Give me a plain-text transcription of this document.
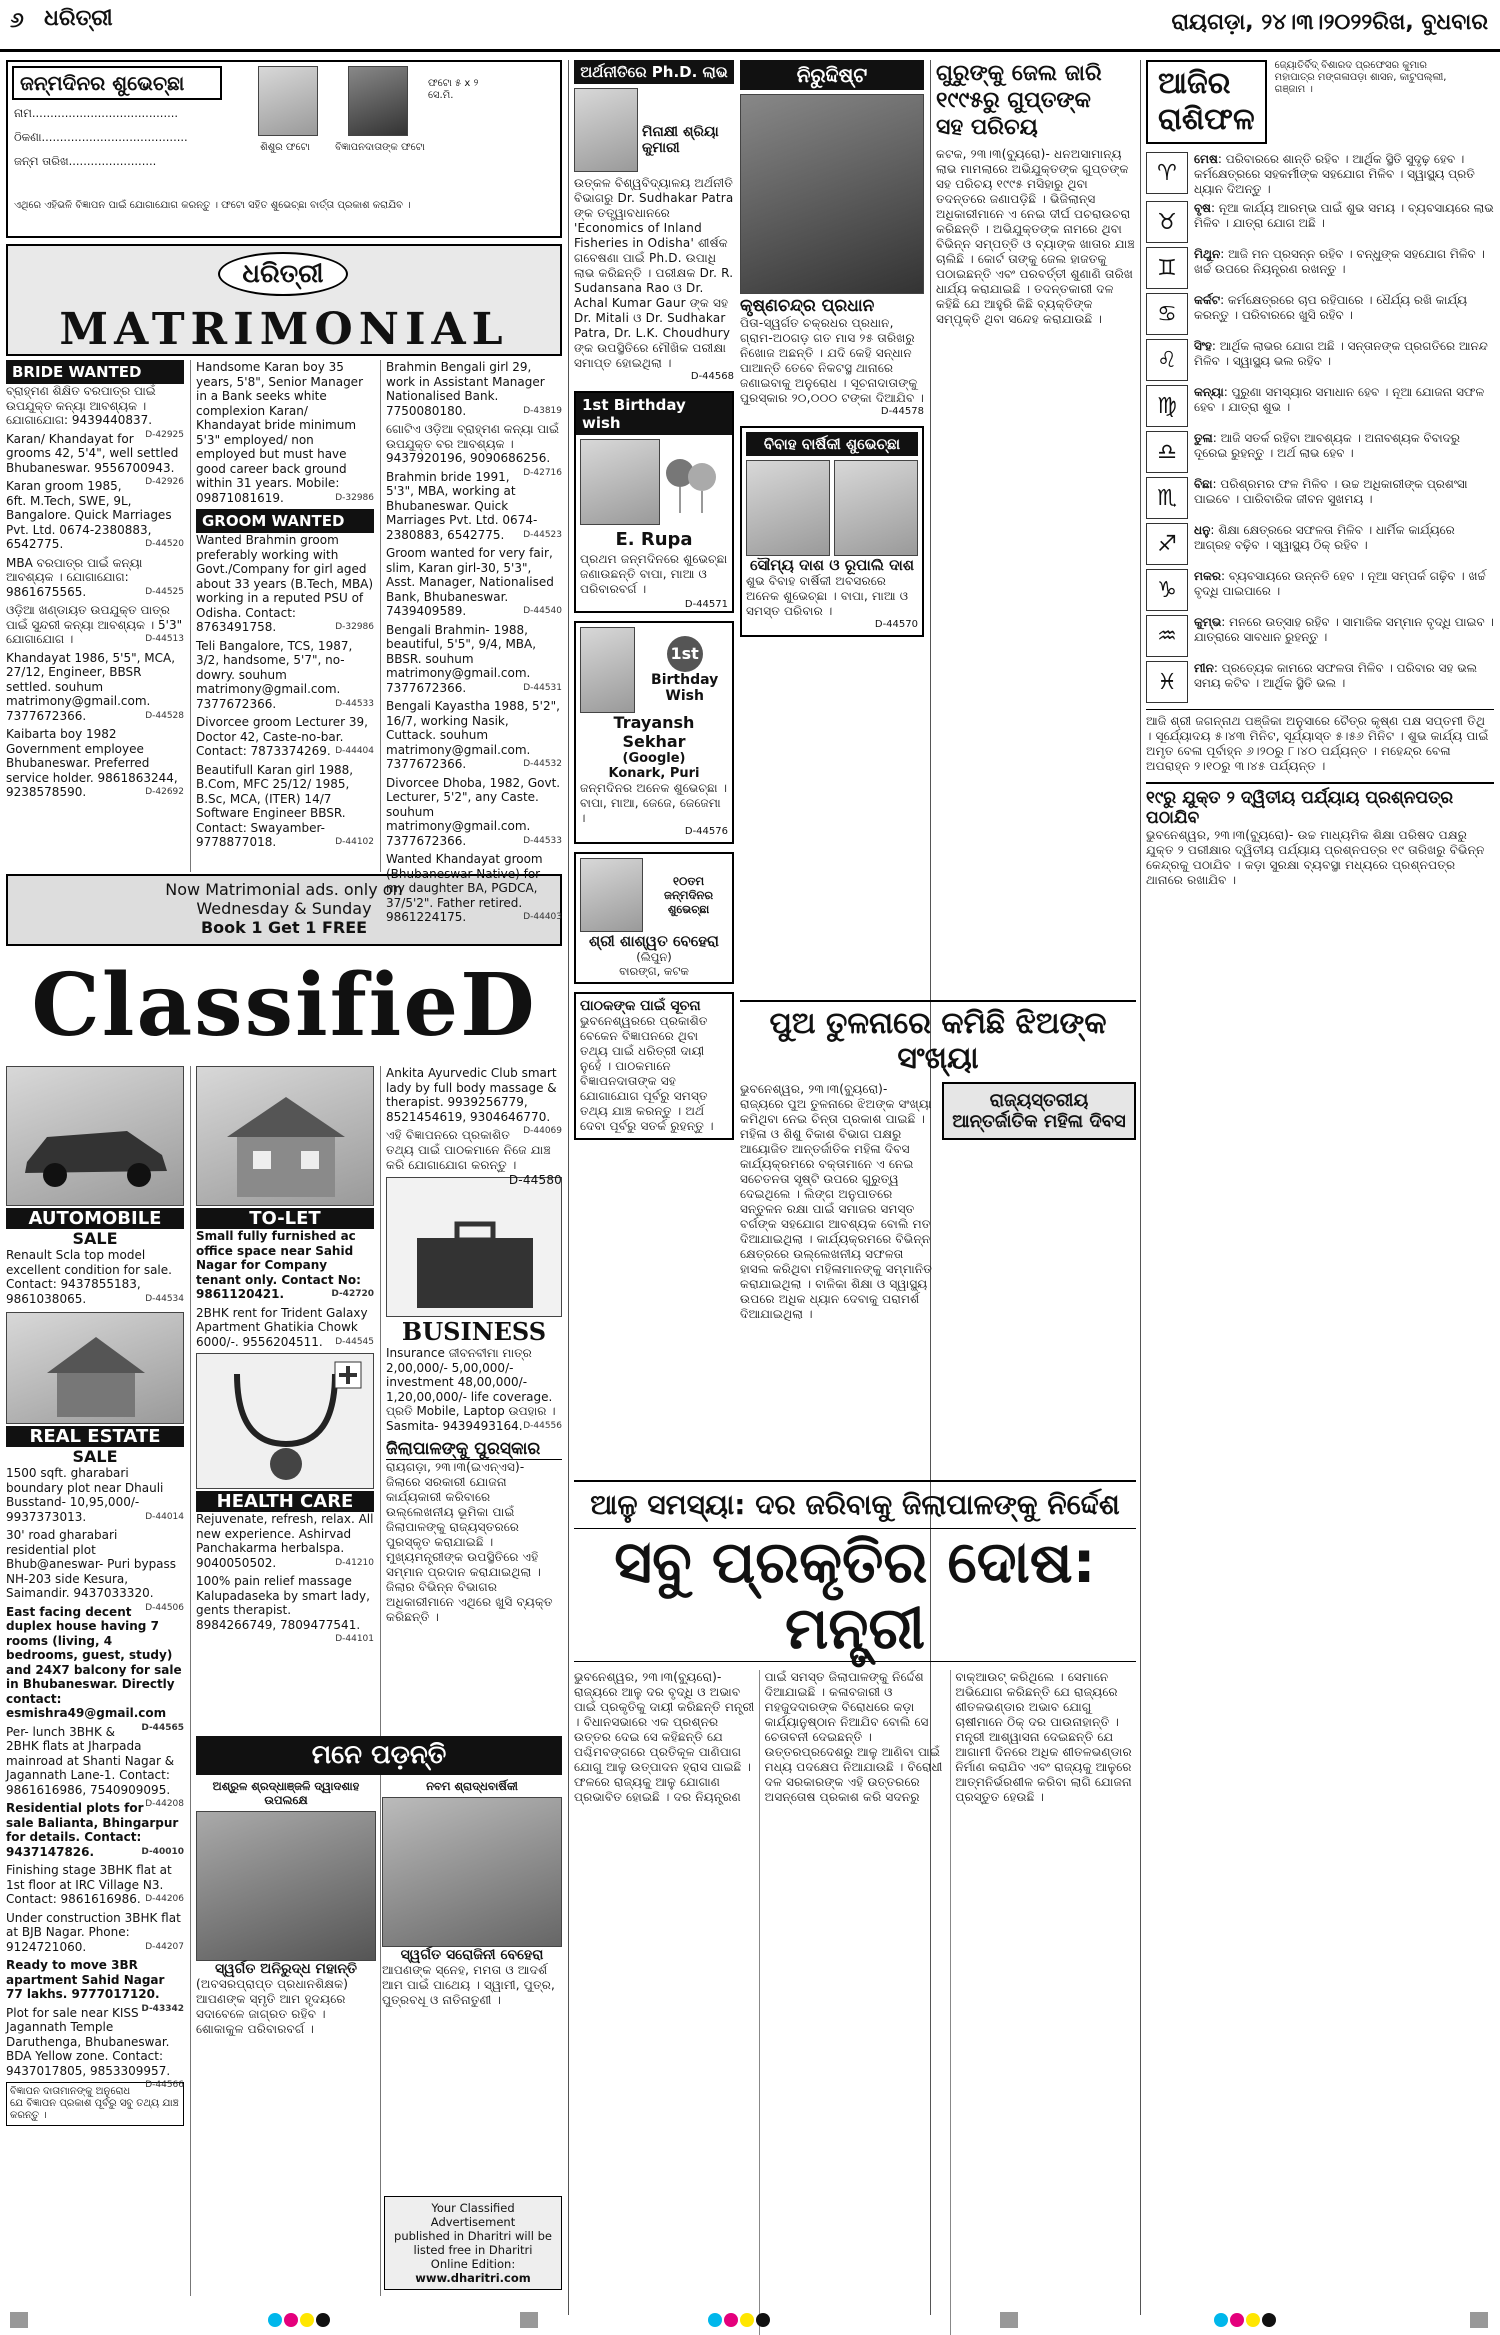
୬ ଧରିତ୍ରୀ	ରାୟଗଡ଼ା, ୨୪।୩।୨୦୨୨ରିଖ, ବୁଧବାର
ଜନ୍ମଦିନର ଶୁଭେଚ୍ଛା	ଫଟୋ ୫ x ୨ ସେ.ମି.
ଶିଶୁର ଫଟୋ	ବିଜ୍ଞାପନଦାତାଙ୍କ ଫଟୋ
ନାମ........................................
ଠିକଣା........................................
ଜନ୍ମ ତାରିଖ........................
ଏଥିରେ ଏହିଭଳି ବିଜ୍ଞାପନ ପାଇଁ ଯୋଗାଯୋଗ କରନ୍ତୁ । ଫଟୋ ସହିତ ଶୁଭେଚ୍ଛା ବାର୍ତ୍ତା ପ୍ରକାଶ କରାଯିବ ।
ଧରିତ୍ରୀ
MATRIMONIAL
BRIDE WANTED
ବ୍ରାହ୍ମଣ ଶିକ୍ଷିତ ବରପାତ୍ର ପାଇଁ ଉପଯୁକ୍ତ କନ୍ୟା ଆବଶ୍ୟକ । ଯୋଗାଯୋଗ: 9439440837.
D-42925
Karan/ Khandayat for grooms 42, 5'4", well settled Bhubaneswar. 9556700943.
D-42926
Karan groom 1985, 6ft. M.Tech, SWE, 9L, Bangalore. Quick Marriages Pvt. Ltd. 0674-2380883, 6542775.	D-44520
MBA ବରପାତ୍ର ପାଇଁ କନ୍ୟା ଆବଶ୍ୟକ । ଯୋଗାଯୋଗ: 9861675565.	D-44525
ଓଡ଼ିଆ ଖଣ୍ଡାୟତ ଉପଯୁକ୍ତ ପାତ୍ର ପାଇଁ ସୁନ୍ଦରୀ କନ୍ୟା ଆବଶ୍ୟକ । 5'3" ଯୋଗାଯୋଗ ।	D-44513
Khandayat 1986, 5'5", MCA, 27/12, Engineer, BBSR settled. souhum matrimony@gmail.com. 7377672366.	D-44528
Kaibarta boy 1982 Government employee Bhubaneswar. Preferred service holder. 9861863244, 9238578590.	D-42692
Handsome Karan boy 35 years, 5'8", Senior Manager in a Bank seeks white complexion Karan/ Khandayat bride minimum 5'3" employed/ non employed but must have good career back ground within 31 years. Mobile: 09871081619.	D-32986
GROOM WANTED
Wanted Brahmin groom preferably working with Govt./Company for girl aged about 33 years (B.Tech, MBA) working in a reputed PSU of Odisha. Contact: 8763491758.	D-32986
Teli Bangalore, TCS, 1987, 3/2, handsome, 5'7", no-dowry. souhum matrimony@gmail.com. 7377672366.	D-44533
Divorcee groom Lecturer 39, Doctor 42, Caste-no-bar. Contact: 7873374269. D-44404
Beautifull Karan girl 1988, B.Com, MFC 25/12/ 1985, B.Sc, MCA, (ITER) 14/7 Software Engineer BBSR. Contact: Swayamber-9778877018.	D-44102
Brahmin Bengali girl 29, work in Assistant Manager Nationalised Bank. 7750080180.	D-43819
ଗୋଟିଏ ଓଡ଼ିଆ ବ୍ରାହ୍ମଣ କନ୍ୟା ପାଇଁ ଉପଯୁକ୍ତ ବର ଆବଶ୍ୟକ । 9437920196, 9090686256.
D-42716
Brahmin bride 1991, 5'3", MBA, working at Bhubaneswar. Quick Marriages Pvt. Ltd. 0674-2380883, 6542775. D-44523
Groom wanted for very fair, slim, Karan girl-30, 5'3", Asst. Manager, Nationalised Bank, Bhubaneswar. 7439409589.	D-44540
Bengali Brahmin- 1988, beautiful, 5'5", 9/4, MBA, BBSR. souhum matrimony@gmail.com. 7377672366.	D-44531
Bengali Kayastha 1988, 5'2", 16/7, working Nasik, Cuttack. souhum matrimony@gmail.com. 7377672366.	D-44532
Divorcee Dhoba, 1982, Govt. Lecturer, 5'2", any Caste. souhum matrimony@gmail.com. 7377672366.	D-44533
Wanted Khandayat groom (Bhubaneswar Native) for my daughter BA, PGDCA, 37/5'2". Father retired. 9861224175.	D-44403
Now Matrimonial ads. only on
Wednesday & Sunday
Book 1 Get 1 FREE
ClassifieD
AUTOMOBILE
SALE
Renault Scla top model excellent condition for sale. Contact: 9437855183, 9861038065.	D-44534
REAL ESTATE
SALE
1500 sqft. gharabari boundary plot near Dhauli Busstand- 10,95,000/- 9937373013.	D-44014
30' road gharabari residential plot Bhub@aneswar- Puri bypass NH-203 side Kesura, Saimandir. 9437033320.
D-44506
East facing decent duplex house having 7 rooms (living, 4 bedrooms, guest, study) and 24X7 balcony for sale in Bhubaneswar. Directly contact: esmishra49@gmail.com
D-44565
Per- lunch 3BHK & 2BHK flats at Jharpada mainroad at Shanti Nagar & Jagannath Lane-1. Contact: 9861616986, 7540909095.
D-44208
Residential plots for sale Balianta, Bhingarpur for details. Contact: 9437147826.	D-40010
Finishing stage 3BHK flat at 1st floor at IRC Village N3. Contact: 9861616986. D-44206
Under construction 3BHK flat at BJB Nagar. Phone: 9124721060.	D-44207
Ready to move 3BR apartment Sahid Nagar 77 lakhs. 9777017120.
D-43342
Plot for sale near KISS Jagannath Temple Daruthenga, Bhubaneswar. BDA Yellow zone. Contact: 9437017805, 9853309957.
D-44566
ବିଜ୍ଞାପନ ଦାତାମାନଙ୍କୁ ଅନୁରୋଧ ଯେ ବିଜ୍ଞାପନ ପ୍ରକାଶ ପୂର୍ବରୁ ସବୁ ତଥ୍ୟ ଯାଞ୍ଚ କରନ୍ତୁ ।
TO-LET
Small fully furnished ac office space near Sahid Nagar for Company tenant only. Contact No: 9861120421.	D-42720
2BHK rent for Trident Galaxy Apartment Ghatikia Chowk 6000/-. 9556204511. D-44545
HEALTH CARE
Rejuvenate, refresh, relax. All new experience. Ashirvad Panchakarma herbalspa. 9040050502.	D-41210
100% pain relief massage Kalupadaseka by smart lady, gents therapist. 8984266749, 7809477541.
D-44101
Ankita Ayurvedic Club smart lady by full body massage & therapist. 9939256779, 8521454619, 9304646770.
D-44069
ଏହି ବିଜ୍ଞାପନରେ ପ୍ରକାଶିତ ତଥ୍ୟ ପାଇଁ ପାଠକମାନେ ନିଜେ ଯାଞ୍ଚ କରି ଯୋଗାଯୋଗ କରନ୍ତୁ ।
D-44580
BUSINESS
Insurance ଜୀବନବୀମା ମାତ୍ର 2,00,000/- 5,00,000/- investment 48,00,000/- 1,20,00,000/- life coverage. ପ୍ରତି Mobile, Laptop ଉପହାର । Sasmita- 9439493164. D-44556
ଜିଲାପାଳଙ୍କୁ ପୁରସ୍କାର
ରାୟଗଡ଼ା, ୨୩।୩(ଇଏନ୍ଏସ)- ଜିଲାରେ ସରକାରୀ ଯୋଜନା କାର୍ଯ୍ୟକାରୀ କରିବାରେ ଉଲ୍ଲେଖନୀୟ ଭୂମିକା ପାଇଁ ଜିଲାପାଳଙ୍କୁ ରାଜ୍ୟସ୍ତରରେ ପୁରସ୍କୃତ କରାଯାଇଛି । ମୁଖ୍ୟମନ୍ତ୍ରୀଙ୍କ ଉପସ୍ଥିତିରେ ଏହି ସମ୍ମାନ ପ୍ରଦାନ କରାଯାଇଥିଲା । ଜିଲାର ବିଭିନ୍ନ ବିଭାଗର ଅଧିକାରୀମାନେ ଏଥିରେ ଖୁସି ବ୍ୟକ୍ତ କରିଛନ୍ତି ।
ମନେ ପଡ଼ନ୍ତି
ଅଶ୍ରୁଳ ଶ୍ରଦ୍ଧାଞ୍ଜଳି ଦ୍ୱାଦଶାହ ଉପଲକ୍ଷେ
ସ୍ୱର୍ଗତ ଅନିରୁଦ୍ଧ ମହାନ୍ତି
(ଅବସରପ୍ରାପ୍ତ ପ୍ରଧାନଶିକ୍ଷକ) ଆପଣଙ୍କ ସ୍ମୃତି ଆମ ହୃଦୟରେ ସଦାବେଳେ ଜାଗ୍ରତ ରହିବ । ଶୋକାକୁଳ ପରିବାରବର୍ଗ ।
ନବମ ଶ୍ରାଦ୍ଧବାର୍ଷିକୀ
ସ୍ୱର୍ଗତ ସରୋଜିନୀ ବେହେରା
ଆପଣଙ୍କ ସ୍ନେହ, ମମତା ଓ ଆଦର୍ଶ ଆମ ପାଇଁ ପାଥେୟ । ସ୍ୱାମୀ, ପୁତ୍ର, ପୁତ୍ରବଧୂ ଓ ନାତିନାତୁଣୀ ।
Your Classified Advertisement
published in Dharitri will be
listed free in Dharitri
Online Edition:
www.dharitri.com
ଅର୍ଥନୀତିରେ Ph.D. ଲାଭ
ମିନାକ୍ଷୀ ଶ୍ରିୟା କୁମାରୀ
ଉତ୍କଳ ବିଶ୍ୱବିଦ୍ୟାଳୟ ଅର୍ଥନୀତି ବିଭାଗରୁ Dr. Sudhakar Patra ଙ୍କ ତତ୍ତ୍ୱାବଧାନରେ 'Economics of Inland Fisheries in Odisha' ଶୀର୍ଷକ ଗବେଷଣା ପାଇଁ Ph.D. ଉପାଧି ଲାଭ କରିଛନ୍ତି । ପରୀକ୍ଷକ Dr. R. Sudansana Rao ଓ Dr. Achal Kumar Gaur ଙ୍କ ସହ Dr. Mitali ଓ Dr. Sudhakar Patra, Dr. L.K. Choudhury ଙ୍କ ଉପସ୍ଥିତିରେ ମୌଖିକ ପରୀକ୍ଷା ସମାପ୍ତ ହୋଇଥିଲା ।
D-44568
1st Birthday wish
E. Rupa
ପ୍ରଥମ ଜନ୍ମଦିନରେ ଶୁଭେଚ୍ଛା ଜଣାଉଛନ୍ତି ବାପା, ମାଆ ଓ ପରିବାରବର୍ଗ ।
D-44571
1st
Birthday Wish
Trayansh Sekhar
(Google)
Konark, Puri
ଜନ୍ମଦିନର ଅନେକ ଶୁଭେଚ୍ଛା । ବାପା, ମାଆ, ଜେଜେ, ଜେଜେମା ।
D-44576
୧୦ତମ ଜନ୍ମଦିନର ଶୁଭେଚ୍ଛା
ଶ୍ରୀ ଶାଶ୍ୱତ ବେହେରା
(ଲିପୁନ)
ବାରଙ୍ଗ, କଟକ
ପାଠକଙ୍କ ପାଇଁ ସୂଚନା
ଭୁବନେଶ୍ୱରରେ ପ୍ରକାଶିତ ବେକେନ ବିଜ୍ଞାପନରେ ଥିବା ତଥ୍ୟ ପାଇଁ ଧରିତ୍ରୀ ଦାୟୀ ନୁହେଁ । ପାଠକମାନେ ବିଜ୍ଞାପନଦାତାଙ୍କ ସହ ଯୋଗାଯୋଗ ପୂର୍ବରୁ ସମସ୍ତ ତଥ୍ୟ ଯାଞ୍ଚ କରନ୍ତୁ । ଅର୍ଥ ଦେବା ପୂର୍ବରୁ ସତର୍କ ରୁହନ୍ତୁ ।
ନିରୁଦ୍ଦିଷ୍ଟ
କୃଷ୍ଣଚନ୍ଦ୍ର ପ୍ରଧାନ
ପିତା-ସ୍ୱର୍ଗତ ଚକ୍ରଧର ପ୍ରଧାନ, ଗ୍ରାମ-ଅଠଗଡ଼ ଗତ ମାସ ୨୫ ତାରିଖରୁ ନିଖୋଜ ଅଛନ୍ତି । ଯଦି କେହି ସନ୍ଧାନ ପାଆନ୍ତି ତେବେ ନିକଟସ୍ଥ ଥାନାରେ ଜଣାଇବାକୁ ଅନୁରୋଧ । ସୂଚନାଦାତାଙ୍କୁ ପୁରସ୍କାର ୨୦,୦୦୦ ଟଙ୍କା ଦିଆଯିବ ।
D-44578
ବିବାହ ବାର୍ଷିକୀ ଶୁଭେଚ୍ଛା
ସୌମ୍ୟ ଦାଶ ଓ ରୂପାଲି ଦାଶ
ଶୁଭ ବିବାହ ବାର୍ଷିକୀ ଅବସରରେ ଅନେକ ଶୁଭେଚ୍ଛା । ବାପା, ମାଆ ଓ ସମସ୍ତ ପରିବାର ।
D-44570
ଗୁରୁଙ୍କୁ ଜେଲ ଜାରି
୧୯୯୫ରୁ ଗୁପ୍ତଙ୍କ
ସହ ପରିଚୟ
କଟକ, ୨୩।୩(ବ୍ୟୁରୋ)- ଧନଅସାମାନ୍ୟ ଲାଭ ମାମଲାରେ ଅଭିଯୁକ୍ତଙ୍କ ଗୁପ୍ତଙ୍କ ସହ ପରିଚୟ ୧୯୯୫ ମସିହାରୁ ଥିବା ତଦନ୍ତରେ ଜଣାପଡ଼ିଛି । ଭିଜିଲାନ୍ସ ଅଧିକାରୀମାନେ ଏ ନେଇ ଦୀର୍ଘ ପଚରାଉଚରା କରିଛନ୍ତି । ଅଭିଯୁକ୍ତଙ୍କ ନାମରେ ଥିବା ବିଭିନ୍ନ ସମ୍ପତ୍ତି ଓ ବ୍ୟାଙ୍କ ଖାତାର ଯାଞ୍ଚ ଚାଲିଛି । କୋର୍ଟ ତାଙ୍କୁ ଜେଲ ହାଜତକୁ ପଠାଇଛନ୍ତି ଏବଂ ପରବର୍ତ୍ତୀ ଶୁଣାଣି ତାରିଖ ଧାର୍ଯ୍ୟ କରାଯାଇଛି । ତଦନ୍ତକାରୀ ଦଳ କହିଛି ଯେ ଆହୁରି କିଛି ବ୍ୟକ୍ତିଙ୍କ ସମ୍ପୃକ୍ତି ଥିବା ସନ୍ଦେହ କରାଯାଉଛି ।
ପୁଅ ତୁଳନାରେ କମିଛି ଝିଅଙ୍କ ସଂଖ୍ୟା
ଭୁବନେଶ୍ୱର, ୨୩।୩(ବ୍ୟୁରୋ)- ରାଜ୍ୟରେ ପୁଅ ତୁଳନାରେ ଝିଅଙ୍କ ସଂଖ୍ୟା କମିଥିବା ନେଇ ଚିନ୍ତା ପ୍ରକାଶ ପାଇଛି । ମହିଳା ଓ ଶିଶୁ ବିକାଶ ବିଭାଗ ପକ୍ଷରୁ ଆୟୋଜିତ ଆନ୍ତର୍ଜାତିକ ମହିଳା ଦିବସ କାର୍ଯ୍ୟକ୍ରମରେ ବକ୍ତାମାନେ ଏ ନେଇ ସଚେତନତା ସୃଷ୍ଟି ଉପରେ ଗୁରୁତ୍ୱ ଦେଇଥିଲେ । ଲିଙ୍ଗ ଅନୁପାତରେ ସନ୍ତୁଳନ ରକ୍ଷା ପାଇଁ ସମାଜର ସମସ୍ତ ବର୍ଗଙ୍କ ସହଯୋଗ ଆବଶ୍ୟକ ବୋଲି ମତ ଦିଆଯାଇଥିଲା । କାର୍ଯ୍ୟକ୍ରମରେ ବିଭିନ୍ନ କ୍ଷେତ୍ରରେ ଉଲ୍ଲେଖନୀୟ ସଫଳତା ହାସଲ କରିଥିବା ମହିଳାମାନଙ୍କୁ ସମ୍ମାନିତ କରାଯାଇଥିଲା । ବାଳିକା ଶିକ୍ଷା ଓ ସ୍ୱାସ୍ଥ୍ୟ ଉପରେ ଅଧିକ ଧ୍ୟାନ ଦେବାକୁ ପରାମର୍ଶ ଦିଆଯାଇଥିଲା ।
ରାଜ୍ୟସ୍ତରୀୟ ଆନ୍ତର୍ଜାତିକ ମହିଳା ଦିବସ
ଆଳୁ ସମସ୍ୟା: ଦର ଜରିବାକୁ ଜିଲାପାଳଙ୍କୁ ନିର୍ଦ୍ଦେଶ
ସବୁ ପ୍ରକୃତିର ଦୋଷ: ମନ୍ତ୍ରୀ
ଭୁବନେଶ୍ୱର, ୨୩।୩(ବ୍ୟୁରୋ)- ରାଜ୍ୟରେ ଆଳୁ ଦର ବୃଦ୍ଧି ଓ ଅଭାବ ପାଇଁ ପ୍ରକୃତିକୁ ଦାୟୀ କରିଛନ୍ତି ମନ୍ତ୍ରୀ । ବିଧାନସଭାରେ ଏକ ପ୍ରଶ୍ନର ଉତ୍ତର ଦେଇ ସେ କହିଛନ୍ତି ଯେ ପଶ୍ଚିମବଙ୍ଗରେ ପ୍ରତିକୂଳ ପାଣିପାଗ ଯୋଗୁ ଆଳୁ ଉତ୍ପାଦନ ହ୍ରାସ ପାଇଛି । ଫଳରେ ରାଜ୍ୟକୁ ଆଳୁ ଯୋଗାଣ ପ୍ରଭାବିତ ହୋଇଛି । ଦର ନିୟନ୍ତ୍ରଣ ପାଇଁ ସମସ୍ତ ଜିଲାପାଳଙ୍କୁ ନିର୍ଦ୍ଦେଶ ଦିଆଯାଇଛି । କଳାବଜାରୀ ଓ ମହଜୁଦଦାରଙ୍କ ବିରୋଧରେ କଡ଼ା କାର୍ଯ୍ୟାନୁଷ୍ଠାନ ନିଆଯିବ ବୋଲି ସେ ଚେତାବନୀ ଦେଇଛନ୍ତି । ଉତ୍ତରପ୍ରଦେଶରୁ ଆଳୁ ଆଣିବା ପାଇଁ ମଧ୍ୟ ପଦକ୍ଷେପ ନିଆଯାଉଛି । ବିରୋଧୀ ଦଳ ସରକାରଙ୍କ ଏହି ଉତ୍ତରରେ ଅସନ୍ତୋଷ ପ୍ରକାଶ କରି ସଦନରୁ ବାକ୍ଆଉଟ୍ କରିଥିଲେ । ସେମାନେ ଅଭିଯୋଗ କରିଛନ୍ତି ଯେ ରାଜ୍ୟରେ ଶୀତଳଭଣ୍ଡାର ଅଭାବ ଯୋଗୁ ଚାଷୀମାନେ ଠିକ୍ ଦର ପାଉନାହାନ୍ତି । ମନ୍ତ୍ରୀ ଆଶ୍ୱାସନା ଦେଇଛନ୍ତି ଯେ ଆଗାମୀ ଦିନରେ ଅଧିକ ଶୀତଳଭଣ୍ଡାର ନିର୍ମାଣ କରାଯିବ ଏବଂ ରାଜ୍ୟକୁ ଆଳୁରେ ଆତ୍ମନିର୍ଭରଶୀଳ କରିବା ଲାଗି ଯୋଜନା ପ୍ରସ୍ତୁତ ହେଉଛି ।
ଆଜିର
ରାଶିଫଳ
ଜ୍ୟୋତିର୍ବିଦ୍ ବିଶାରଦ ପ୍ରଫେସର କୁମାର ମହାପାତ୍ର ମଙ୍ଗଳାପଡ଼ା ଶାସନ, କାଟୁପଲ୍ଲୀ, ଗଞ୍ଜାମ ।
♈
ମେଷ: ପରିବାରରେ ଶାନ୍ତି ରହିବ । ଆର୍ଥିକ ସ୍ଥିତି ସୁଦୃଢ଼ ହେବ । କର୍ମକ୍ଷେତ୍ରରେ ସହକର୍ମୀଙ୍କ ସହଯୋଗ ମିଳିବ । ସ୍ୱାସ୍ଥ୍ୟ ପ୍ରତି ଧ୍ୟାନ ଦିଅନ୍ତୁ ।
♉
ବୃଷ: ନୂଆ କାର୍ଯ୍ୟ ଆରମ୍ଭ ପାଇଁ ଶୁଭ ସମୟ । ବ୍ୟବସାୟରେ ଲାଭ ମିଳିବ । ଯାତ୍ରା ଯୋଗ ଅଛି ।
♊
ମିଥୁନ: ଆଜି ମନ ପ୍ରସନ୍ନ ରହିବ । ବନ୍ଧୁଙ୍କ ସହଯୋଗ ମିଳିବ । ଖର୍ଚ୍ଚ ଉପରେ ନିୟନ୍ତ୍ରଣ ରଖନ୍ତୁ ।
♋
କର୍କଟ: କର୍ମକ୍ଷେତ୍ରରେ ଚାପ ରହିପାରେ । ଧୈର୍ଯ୍ୟ ରଖି କାର୍ଯ୍ୟ କରନ୍ତୁ । ପରିବାରରେ ଖୁସି ରହିବ ।
♌
ସିଂହ: ଆର୍ଥିକ ଲାଭର ଯୋଗ ଅଛି । ସନ୍ତାନଙ୍କ ପ୍ରଗତିରେ ଆନନ୍ଦ ମିଳିବ । ସ୍ୱାସ୍ଥ୍ୟ ଭଲ ରହିବ ।
♍
କନ୍ୟା: ପୁରୁଣା ସମସ୍ୟାର ସମାଧାନ ହେବ । ନୂଆ ଯୋଜନା ସଫଳ ହେବ । ଯାତ୍ରା ଶୁଭ ।
♎
ତୁଳା: ଆଜି ସତର୍କ ରହିବା ଆବଶ୍ୟକ । ଅନାବଶ୍ୟକ ବିବାଦରୁ ଦୂରେଇ ରୁହନ୍ତୁ । ଅର୍ଥ ଲାଭ ହେବ ।
♏
ବିଛା: ପରିଶ୍ରମର ଫଳ ମିଳିବ । ଉଚ୍ଚ ଅଧିକାରୀଙ୍କ ପ୍ରଶଂସା ପାଇବେ । ପାରିବାରିକ ଜୀବନ ସୁଖମୟ ।
♐
ଧନୁ: ଶିକ୍ଷା କ୍ଷେତ୍ରରେ ସଫଳତା ମିଳିବ । ଧାର୍ମିକ କାର୍ଯ୍ୟରେ ଆଗ୍ରହ ବଢ଼ିବ । ସ୍ୱାସ୍ଥ୍ୟ ଠିକ୍ ରହିବ ।
♑
ମକର: ବ୍ୟବସାୟରେ ଉନ୍ନତି ହେବ । ନୂଆ ସମ୍ପର୍କ ଗଢ଼ିବ । ଖର୍ଚ୍ଚ ବୃଦ୍ଧି ପାଇପାରେ ।
♒
କୁମ୍ଭ: ମନରେ ଉତ୍ସାହ ରହିବ । ସାମାଜିକ ସମ୍ମାନ ବୃଦ୍ଧି ପାଇବ । ଯାତ୍ରାରେ ସାବଧାନ ରୁହନ୍ତୁ ।
♓
ମୀନ: ପ୍ରତ୍ୟେକ କାମରେ ସଫଳତା ମିଳିବ । ପରିବାର ସହ ଭଲ ସମୟ କଟିବ । ଆର୍ଥିକ ସ୍ଥିତି ଭଲ ।
ଆଜି ଶ୍ରୀ ଜଗନ୍ନାଥ ପଞ୍ଜିକା ଅନୁସାରେ ଚୈତ୍ର କୃଷ୍ଣ ପକ୍ଷ ସପ୍ତମୀ ତିଥି । ସୂର୍ଯ୍ୟୋଦୟ ୫।୪୩ ମିନିଟ, ସୂର୍ଯ୍ୟାସ୍ତ ୫।୫୬ ମିନିଟ । ଶୁଭ କାର୍ଯ୍ୟ ପାଇଁ ଅମୃତ ବେଳା ପୂର୍ବାହ୍ନ ୬।୨୦ରୁ ୮।୪୦ ପର୍ଯ୍ୟନ୍ତ । ମହେନ୍ଦ୍ର ବେଳା ଅପରାହ୍ନ ୨।୧୦ରୁ ୩।୪୫ ପର୍ଯ୍ୟନ୍ତ ।
୧୯ରୁ ଯୁକ୍ତ ୨ ଦ୍ୱିତୀୟ ପର୍ଯ୍ୟାୟ ପ୍ରଶ୍ନପତ୍ର ପଠାଯିବ
ଭୁବନେଶ୍ୱର, ୨୩।୩(ବ୍ୟୁରୋ)- ଉଚ୍ଚ ମାଧ୍ୟମିକ ଶିକ୍ଷା ପରିଷଦ ପକ୍ଷରୁ ଯୁକ୍ତ ୨ ପରୀକ୍ଷାର ଦ୍ୱିତୀୟ ପର୍ଯ୍ୟାୟ ପ୍ରଶ୍ନପତ୍ର ୧୯ ତାରିଖରୁ ବିଭିନ୍ନ କେନ୍ଦ୍ରକୁ ପଠାଯିବ । କଡ଼ା ସୁରକ୍ଷା ବ୍ୟବସ୍ଥା ମଧ୍ୟରେ ପ୍ରଶ୍ନପତ୍ର ଥାନାରେ ରଖାଯିବ ।
